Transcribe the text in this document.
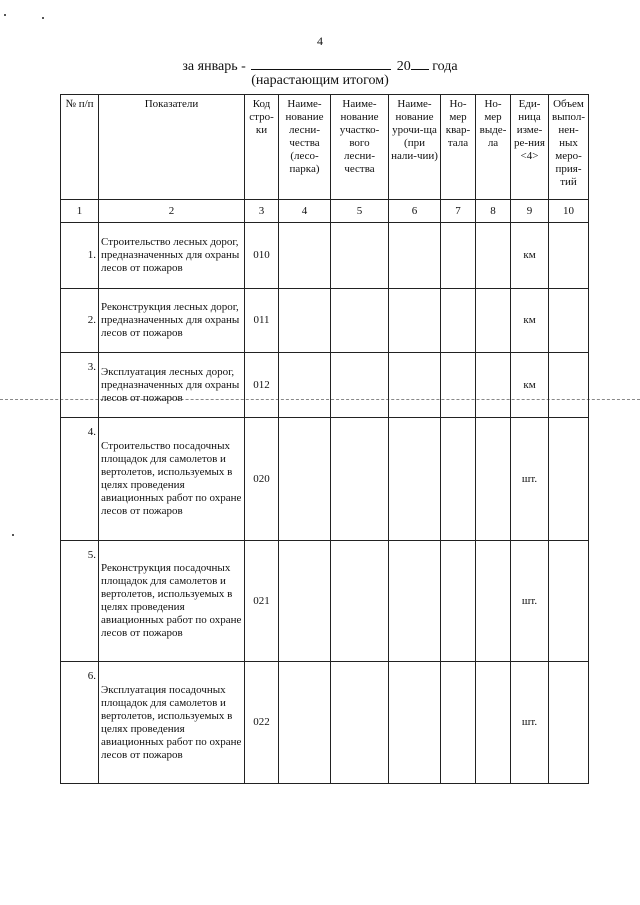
4
за январь -	20 года
(нарастающим итогом)
№ п/п	Показатели	Код стро-ки	Наиме-нование лесни-чества (лесо-парка)	Наиме-нование участко-вого лесни-чества	Наиме-нование урочи-ща (при нали-чии)	Но-мер квар-тала	Но-мер выде-ла	Еди-ница изме-ре-ния <4>	Объем выпол-нен-ных меро-прия-тий
1	2	3	4	5	6	7	8	9	10
1.	Строительство лесных дорог, предназначенных для охраны лесов от пожаров	010						км	
2.	Реконструкция лесных дорог, предназначенных для охраны лесов от пожаров	011						км	
3.	Эксплуатация лесных дорог, предназначенных для охраны лесов от пожаров	012						км	
4.	Строительство посадочных площадок для самолетов и вертолетов, используемых в целях проведения авиационных работ по охране лесов от пожаров	020						шт.	
5.	Реконструкция посадочных площадок для самолетов и вертолетов, используемых в целях проведения авиационных работ по охране лесов от пожаров	021						шт.	
6.	Эксплуатация посадочных площадок для самолетов и вертолетов, используемых в целях проведения авиационных работ по охране лесов от пожаров	022						шт.	
